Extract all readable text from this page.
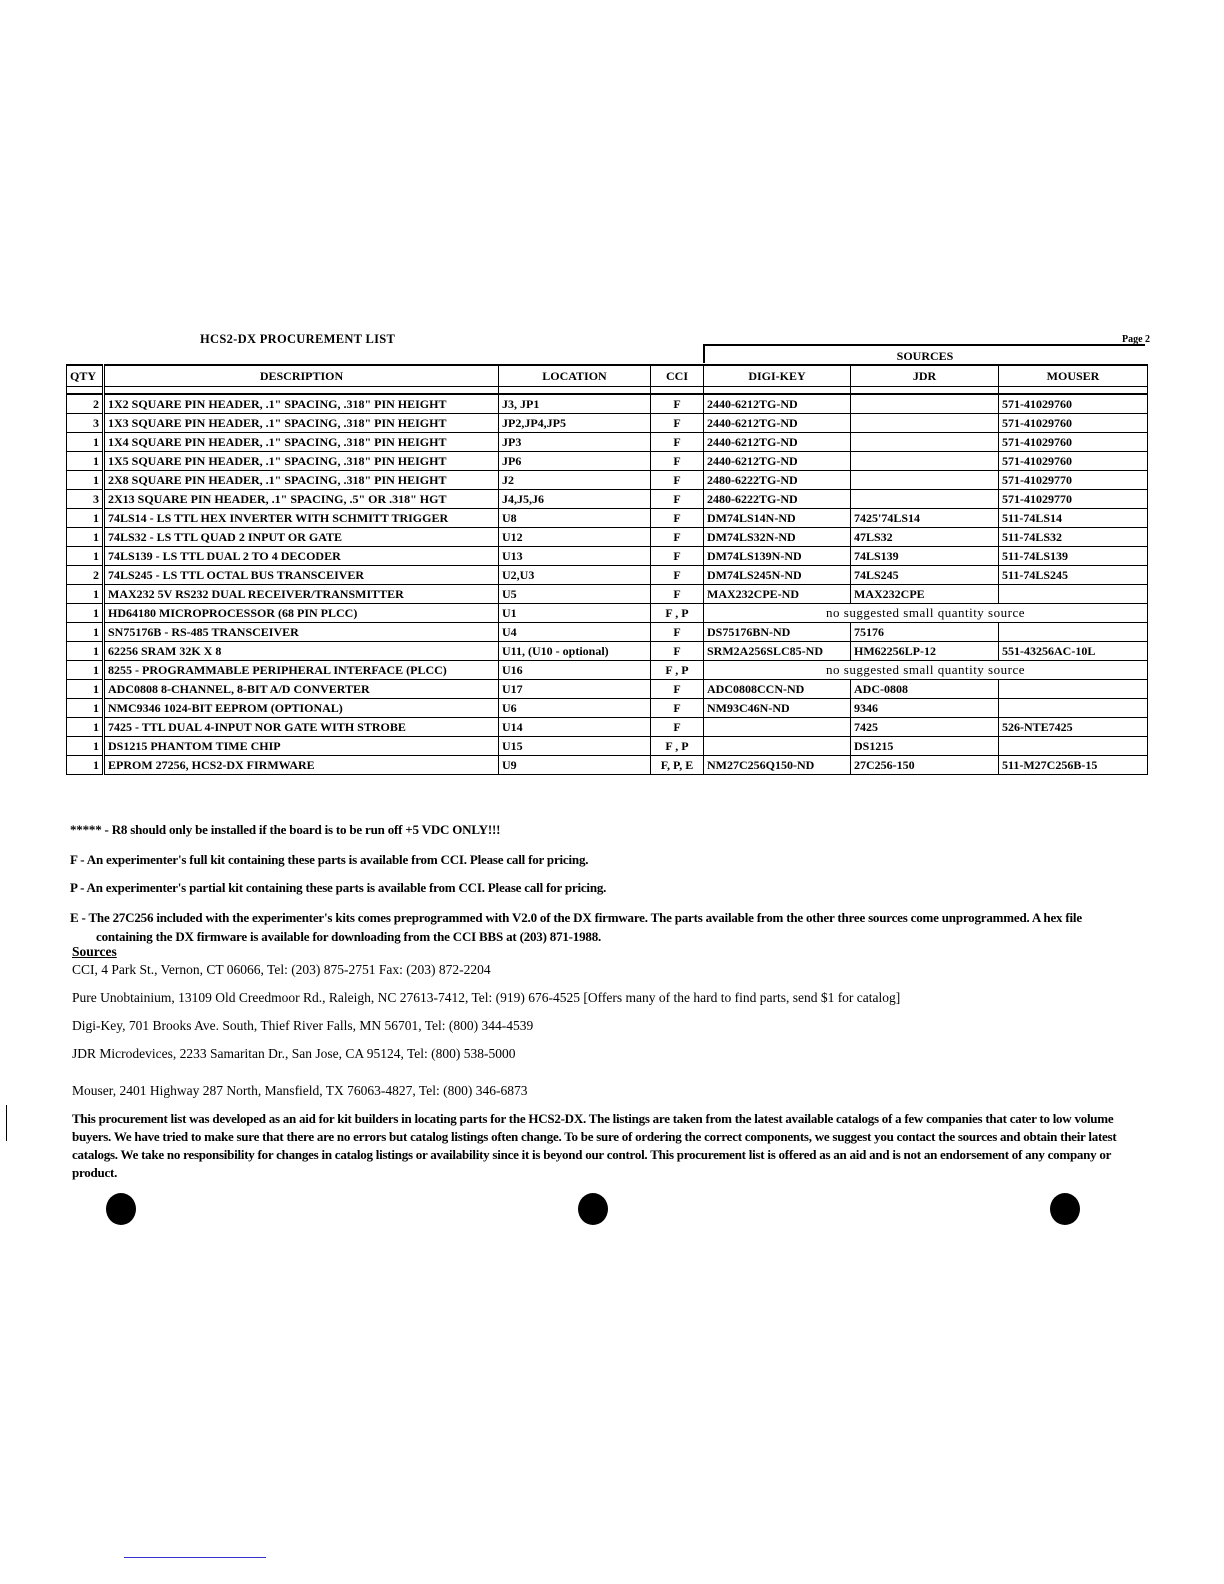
HCS2-DX PROCUREMENT LIST	Page 2
SOURCES
QTY	DESCRIPTION	LOCATION	CCI	DIGI-KEY	JDR	MOUSER

2	1X2 SQUARE PIN HEADER, .1" SPACING, .318" PIN HEIGHT	J3, JP1	F	2440-6212TG-ND		571-41029760
3	1X3 SQUARE PIN HEADER, .1" SPACING, .318" PIN HEIGHT	JP2,JP4,JP5	F	2440-6212TG-ND		571-41029760
1	1X4 SQUARE PIN HEADER, .1" SPACING, .318" PIN HEIGHT	JP3	F	2440-6212TG-ND		571-41029760
1	1X5 SQUARE PIN HEADER, .1" SPACING, .318" PIN HEIGHT	JP6	F	2440-6212TG-ND		571-41029760
1	2X8 SQUARE PIN HEADER, .1" SPACING, .318" PIN HEIGHT	J2	F	2480-6222TG-ND		571-41029770
3	2X13 SQUARE PIN HEADER, .1" SPACING, .5" OR .318" HGT	J4,J5,J6	F	2480-6222TG-ND		571-41029770
1	74LS14 - LS TTL HEX INVERTER WITH SCHMITT TRIGGER	U8	F	DM74LS14N-ND	7425'74LS14	511-74LS14
1	74LS32 - LS TTL QUAD 2 INPUT OR GATE	U12	F	DM74LS32N-ND	47LS32	511-74LS32
1	74LS139 - LS TTL DUAL 2 TO 4 DECODER	U13	F	DM74LS139N-ND	74LS139	511-74LS139
2	74LS245 - LS TTL OCTAL BUS TRANSCEIVER	U2,U3	F	DM74LS245N-ND	74LS245	511-74LS245
1	MAX232 5V RS232 DUAL RECEIVER/TRANSMITTER	U5	F	MAX232CPE-ND	MAX232CPE	
1	HD64180 MICROPROCESSOR (68 PIN PLCC)	U1	F , P	no suggested small quantity source		
1	SN75176B - RS-485 TRANSCEIVER	U4	F	DS75176BN-ND	75176	
1	62256 SRAM 32K X 8	U11, (U10 - optional)	F	SRM2A256SLC85-ND	HM62256LP-12	551-43256AC-10L
1	8255 - PROGRAMMABLE PERIPHERAL INTERFACE (PLCC)	U16	F , P	no suggested small quantity source		
1	ADC0808 8-CHANNEL, 8-BIT A/D CONVERTER	U17	F	ADC0808CCN-ND	ADC-0808	
1	NMC9346 1024-BIT EEPROM (OPTIONAL)	U6	F	NM93C46N-ND	9346	
1	7425 - TTL DUAL 4-INPUT NOR GATE WITH STROBE	U14	F		7425	526-NTE7425
1	DS1215 PHANTOM TIME CHIP	U15	F , P		DS1215	
1	EPROM 27256, HCS2-DX FIRMWARE	U9	F, P, E	NM27C256Q150-ND	27C256-150	511-M27C256B-15
***** - R8 should only be installed if the board is to be run off +5 VDC ONLY!!!
F - An experimenter's full kit containing these parts is available from CCI. Please call for pricing.
P - An experimenter's partial kit containing these parts is available from CCI. Please call for pricing.
E - The 27C256 included with the experimenter's kits comes preprogrammed with V2.0 of the DX firmware. The parts available from the other three sources come unprogrammed. A hex file containing the DX firmware is available for downloading from the CCI BBS at (203) 871-1988.
Sources
CCI, 4 Park St., Vernon, CT 06066, Tel: (203) 875-2751 Fax: (203) 872-2204
Pure Unobtainium, 13109 Old Creedmoor Rd., Raleigh, NC 27613-7412, Tel: (919) 676-4525 [Offers many of the hard to find parts, send $1 for catalog]
Digi-Key, 701 Brooks Ave. South, Thief River Falls, MN 56701, Tel: (800) 344-4539
JDR Microdevices, 2233 Samaritan Dr., San Jose, CA 95124, Tel: (800) 538-5000
Mouser, 2401 Highway 287 North, Mansfield, TX 76063-4827, Tel: (800) 346-6873
This procurement list was developed as an aid for kit builders in locating parts for the HCS2-DX. The listings are taken from the latest available catalogs of a few companies that cater to low volume buyers. We have tried to make sure that there are no errors but catalog listings often change. To be sure of ordering the correct components, we suggest you contact the sources and obtain their latest catalogs. We take no responsibility for changes in catalog listings or availability since it is beyond our control. This procurement list is offered as an aid and is not an endorsement of any company or product.
